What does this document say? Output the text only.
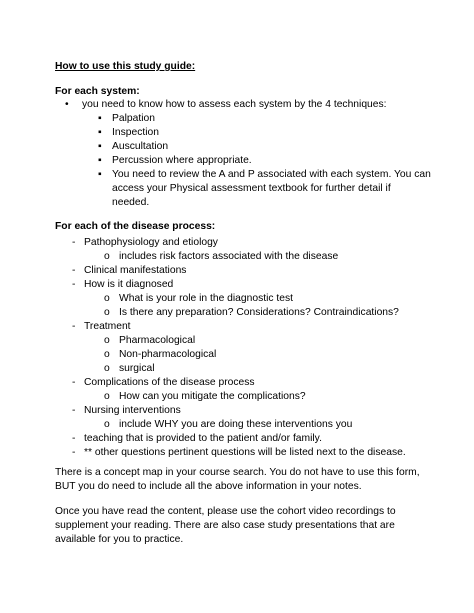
How to use this study guide:
For each system:
• you need to know how to assess each system by the 4 techniques:
▪ Palpation
▪ Inspection
▪ Auscultation
▪ Percussion where appropriate.
▪ You need to review the A and P associated with each system. You can
access your Physical assessment textbook for further detail if
needed.
For each of the disease process:
- Pathophysiology and etiology
o includes risk factors associated with the disease
- Clinical manifestations
- How is it diagnosed
o What is your role in the diagnostic test
o Is there any preparation? Considerations? Contraindications?
- Treatment
o Pharmacological
o Non-pharmacological
o surgical
- Complications of the disease process
o How can you mitigate the complications?
- Nursing interventions
o include WHY you are doing these interventions you
- teaching that is provided to the patient and/or family.
- ** other questions pertinent questions will be listed next to the disease.
There is a concept map in your course search. You do not have to use this form,
BUT you do need to include all the above information in your notes.
Once you have read the content, please use the cohort video recordings to
supplement your reading. There are also case study presentations that are
available for you to practice.
